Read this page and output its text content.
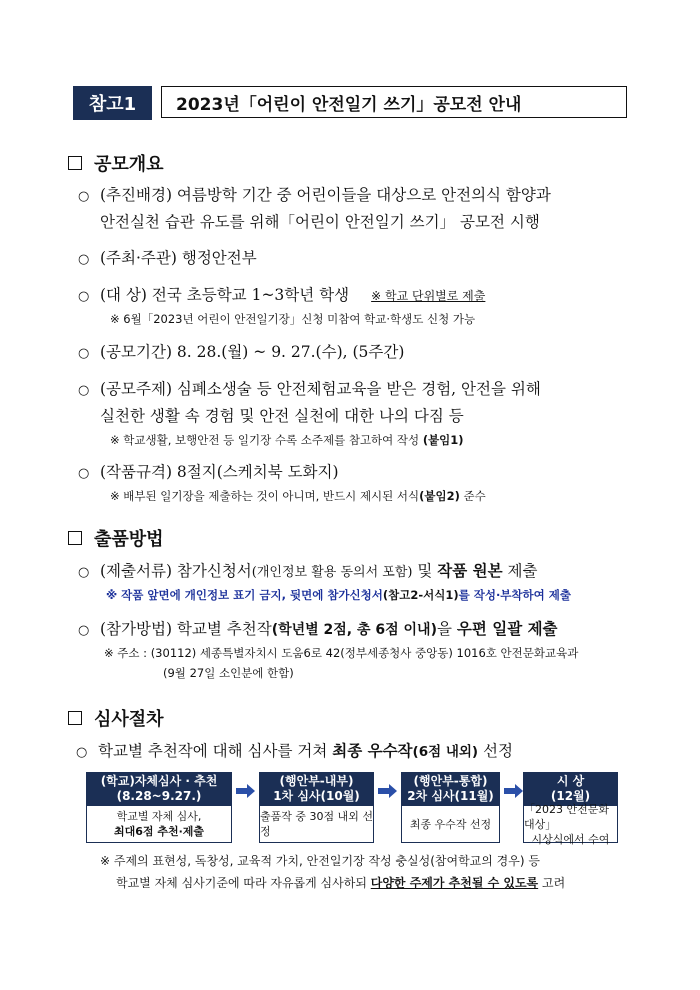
참고1	2023년「어린이 안전일기 쓰기」공모전 안내
공모개요
○ (추진배경) 여름방학 기간 중 어린이들을 대상으로 안전의식 함양과
안전실천 습관 유도를 위해「어린이 안전일기 쓰기」 공모전 시행
○ (주최·주관) 행정안전부
○ (대 상) 전국 초등학교 1~3학년 학생 ※ 학교 단위별로 제출
※ 6월「2023년 어린이 안전일기장」신청 미참여 학교·학생도 신청 가능
○ (공모기간) 8. 28.(월) ~ 9. 27.(수), (5주간)
○ (공모주제) 심폐소생술 등 안전체험교육을 받은 경험, 안전을 위해
실천한 생활 속 경험 및 안전 실천에 대한 나의 다짐 등
※ 학교생활, 보행안전 등 일기장 수록 소주제를 참고하여 작성 (붙임1)
○ (작품규격) 8절지(스케치북 도화지)
※ 배부된 일기장을 제출하는 것이 아니며, 반드시 제시된 서식(붙임2) 준수
출품방법
○ (제출서류) 참가신청서(개인정보 활용 동의서 포함) 및 작품 원본 제출
※ 작품 앞면에 개인정보 표기 금지, 뒷면에 참가신청서(참고2-서식1)를 작성·부착하여 제출
○ (참가방법) 학교별 추천작(학년별 2점, 총 6점 이내)을 우편 일괄 제출
※ 주소 : (30112) 세종특별자치시 도움6로 42(정부세종청사 중앙동) 1016호 안전문화교육과
(9월 27일 소인분에 한함)
심사절차
○ 학교별 추천작에 대해 심사를 거쳐 최종 우수작(6점 내외) 선정
(학교)자체심사 · 추천
(8.28~9.27.)
학교별 자체 심사,
최대6점 추천·제출
(행안부-내부)
1차 심사(10월)
출품작 중 30점 내외 선정
(행안부-통합)
2차 심사(11월)
최종 우수작 선정
시 상
(12월)
「2023 안전문화대상」
시상식에서 수여
※ 주제의 표현성, 독창성, 교육적 가치, 안전일기장 작성 충실성(참여학교의 경우) 등
학교별 자체 심사기준에 따라 자유롭게 심사하되 다양한 주제가 추천될 수 있도록 고려
